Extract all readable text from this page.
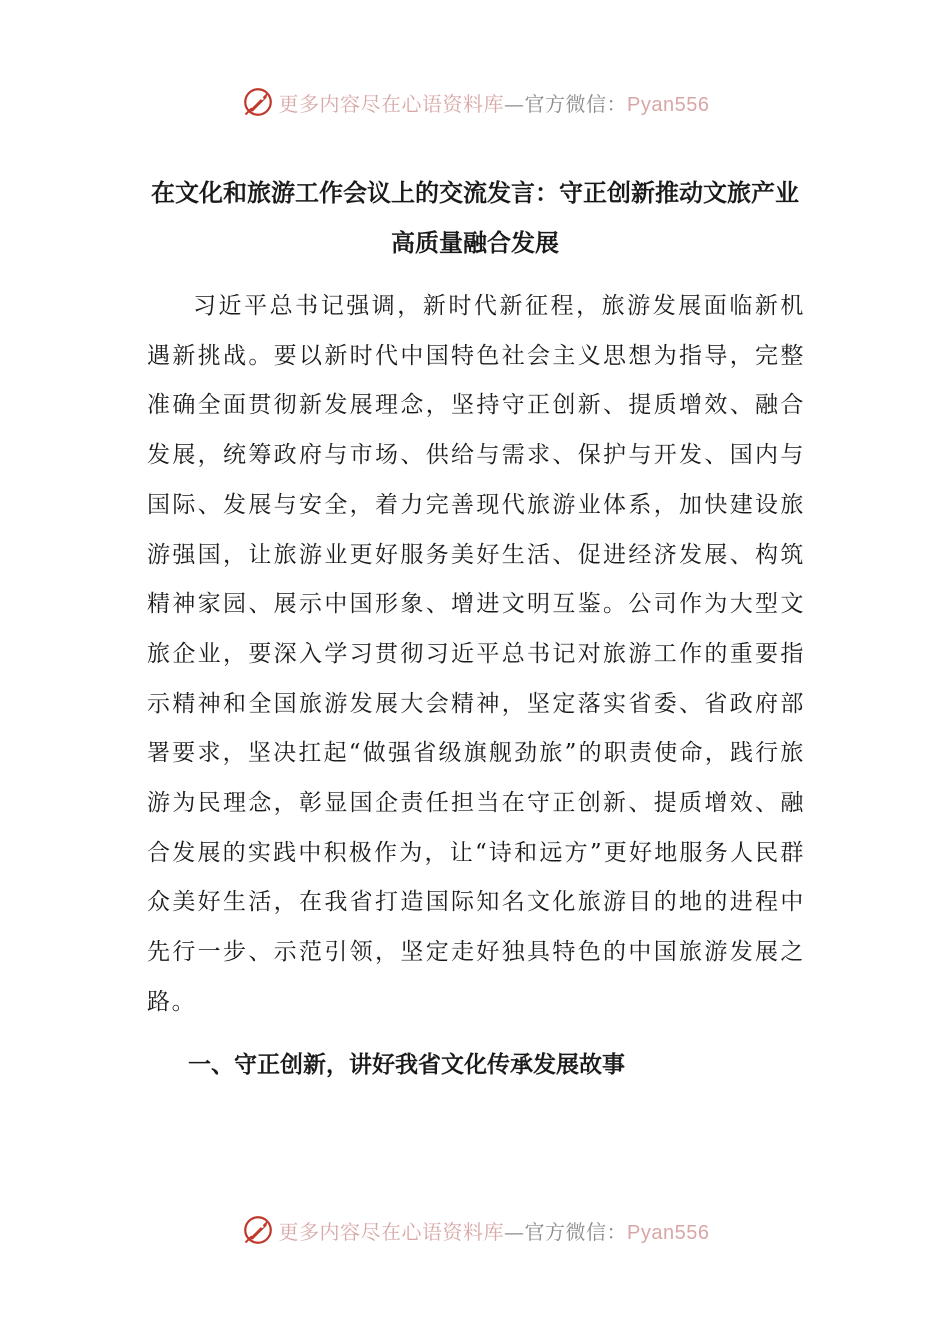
更多内容尽在心语资料库—官方微信：Pyan556
在文化和旅游工作会议上的交流发言：守正创新推动文旅产业高质量融合发展

习近平总书记强调，新时代新征程，旅游发展面临新机遇新挑战。要以新时代中国特色社会主义思想为指导，完整准确全面贯彻新发展理念，坚持守正创新、提质增效、融合发展，统筹政府与市场、供给与需求、保护与开发、国内与国际、发展与安全，着力完善现代旅游业体系，加快建设旅游强国，让旅游业更好服务美好生活、促进经济发展、构筑精神家园、展示中国形象、增进文明互鉴。公司作为大型文旅企业，要深入学习贯彻习近平总书记对旅游工作的重要指示精神和全国旅游发展大会精神，坚定落实省委、省政府部署要求，坚决扛起“做强省级旗舰劲旅”的职责使命，践行旅游为民理念，彰显国企责任担当在守正创新、提质增效、融合发展的实践中积极作为，让“诗和远方”更好地服务人民群众美好生活，在我省打造国际知名文化旅游目的地的进程中先行一步、示范引领，坚定走好独具特色的中国旅游发展之路。

一、守正创新，讲好我省文化传承发展故事
更多内容尽在心语资料库—官方微信：Pyan556
